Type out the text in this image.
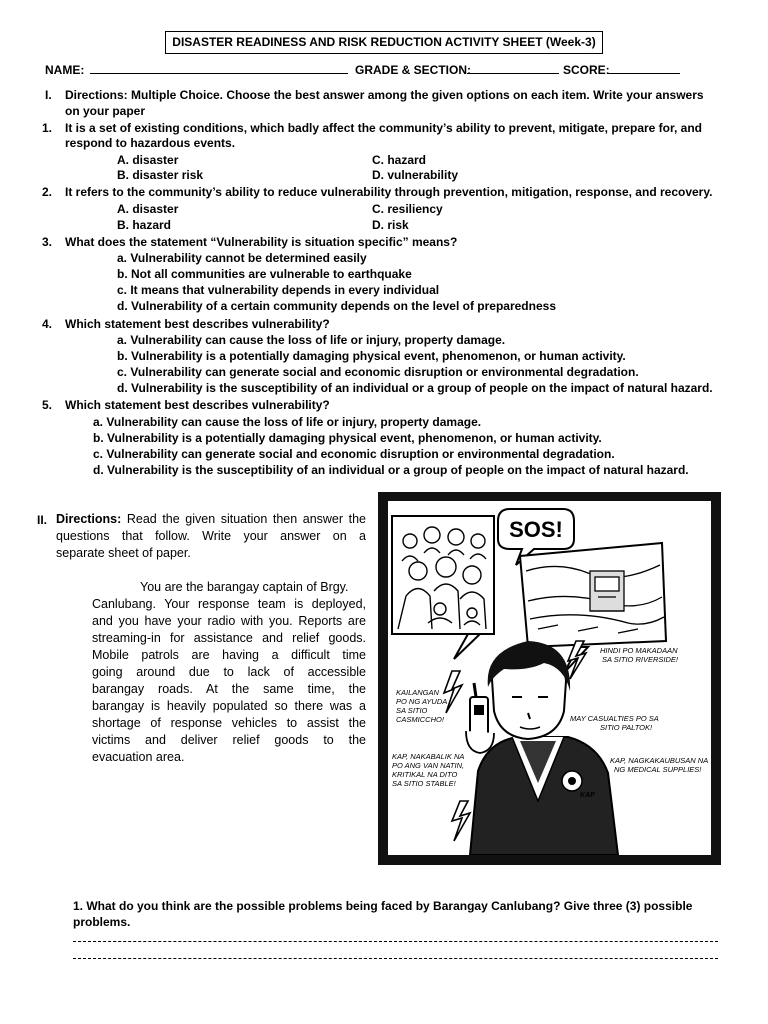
DISASTER READINESS AND RISK REDUCTION ACTIVITY SHEET (Week-3)
NAME:	GRADE & SECTION:	SCORE:
I. Directions: Multiple Choice. Choose the best answer among the given options on each item. Write your answers
on your paper
1. It is a set of existing conditions, which badly affect the community’s ability to prevent, mitigate, prepare for, and
respond to hazardous events.
A. disaster	C. hazard
B. disaster risk	D. vulnerability
2. It refers to the community’s ability to reduce vulnerability through prevention, mitigation, response, and recovery.
A. disaster	C. resiliency
B. hazard	D. risk
3. What does the statement “Vulnerability is situation specific” means?
a. Vulnerability cannot be determined easily
b. Not all communities are vulnerable to earthquake
c. It means that vulnerability depends in every individual
d. Vulnerability of a certain community depends on the level of preparedness
4. Which statement best describes vulnerability?
a. Vulnerability can cause the loss of life or injury, property damage.
b. Vulnerability is a potentially damaging physical event, phenomenon, or human activity.
c. Vulnerability can generate social and economic disruption or environmental degradation.
d. Vulnerability is the susceptibility of an individual or a group of people on the impact of natural hazard.
5. Which statement best describes vulnerability?
a. Vulnerability can cause the loss of life or injury, property damage.
b. Vulnerability is a potentially damaging physical event, phenomenon, or human activity.
c. Vulnerability can generate social and economic disruption or environmental degradation.
d. Vulnerability is the susceptibility of an individual or a group of people on the impact of natural hazard.
II. Directions: Read the given situation then answer the
questions that follow. Write your answer on a
separate sheet of paper.
You are the barangay captain of Brgy.
Canlubang. Your response team is deployed,
and you have your radio with you. Reports are
streaming-in for assistance and relief goods.
Mobile patrols are having a difficult time
going around due to lack of accessible
barangay roads. At the same time, the
barangay is heavily populated so there was a
shortage of response vehicles to assist the
victims and deliver relief goods to the
evacuation area.
SOS!
HINDI PO MAKADAAN
SA SITIO RIVERSIDE!
KAILANGAN
PO NG AYUDA
SA SITIO
CASMICCHO!	MAY CASUALTIES PO SA
SITIO PALTOK!
KAP, NAKABALIK NA
PO ANG VAN NATIN,
KRITIKAL NA DITO
SA SITIO STABLE!
KAP, NAGKAKAUBUSAN NA
NG MEDICAL SUPPLIES!
KAP
1. What do you think are the possible problems being faced by Barangay Canlubang? Give three (3) possible
problems.
